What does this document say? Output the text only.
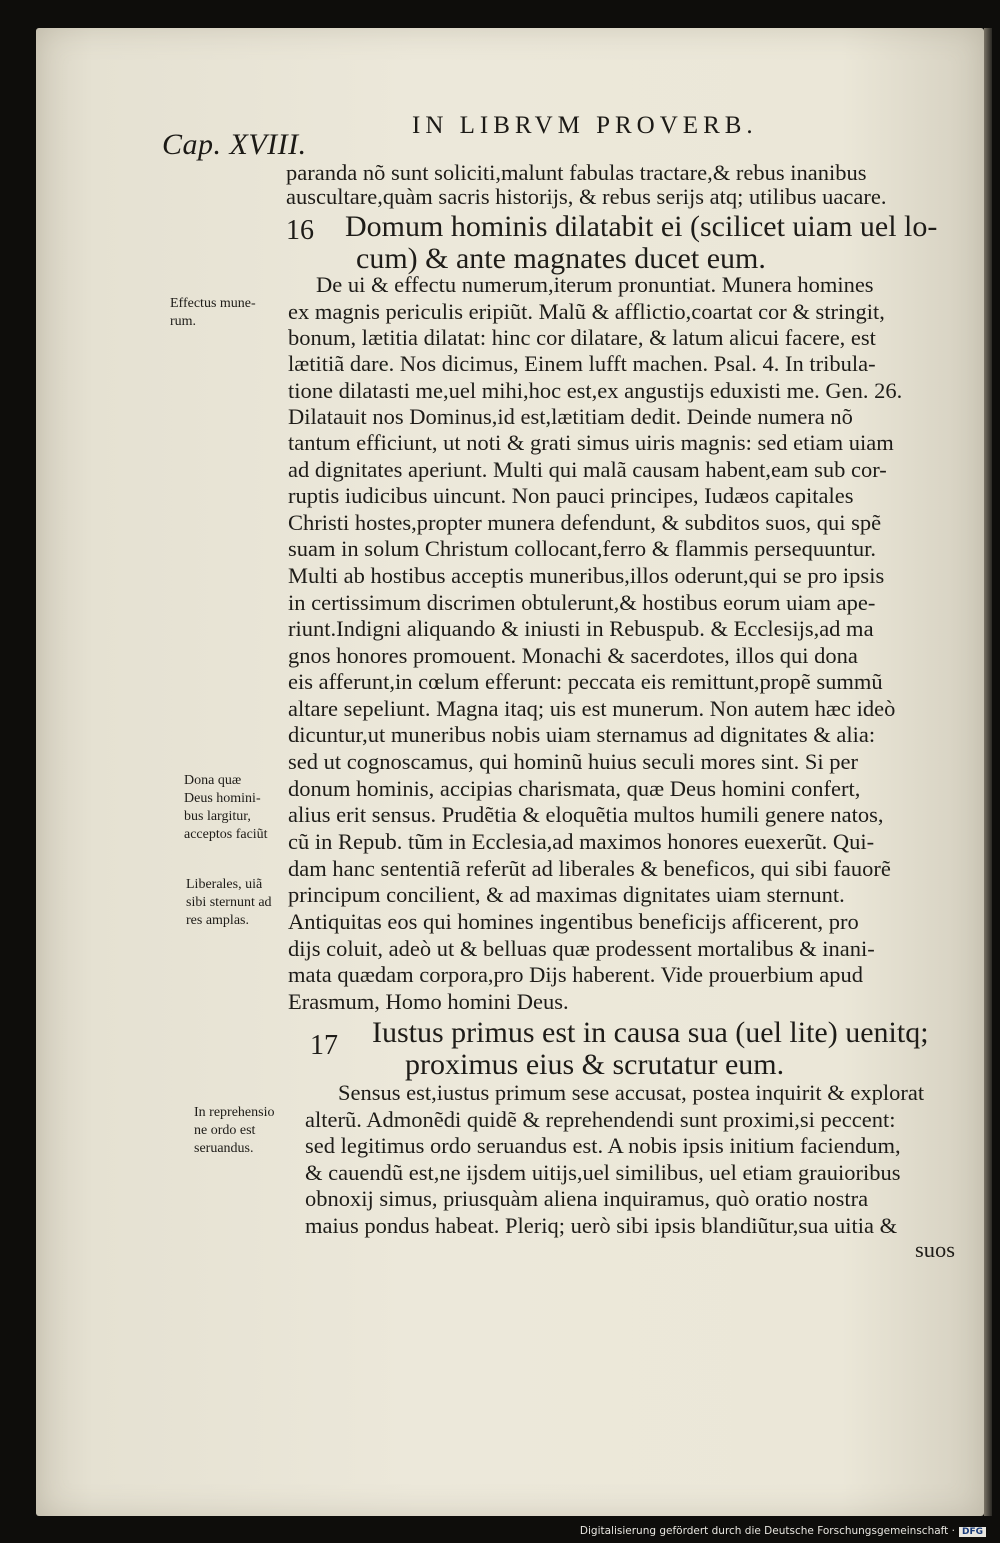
Cap. XVIII.
IN LIBRVM PROVERB.
paranda nõ sunt soliciti,malunt fabulas tractare,& rebus inanibus
auscultare,quàm sacris historijs, & rebus serijs atq; utilibus uacare.
16 Domum hominis dilatabit ei (scilicet uiam uel lo-
cum) & ante magnates ducet eum.
De ui & effectu numerum,iterum pronuntiat. Munera homines
ex magnis periculis eripiũt. Malũ & afflictio,coartat cor & stringit,
bonum, lætitia dilatat: hinc cor dilatare, & latum alicui facere, est
lætitiã dare. Nos dicimus, Einem lufft machen. Psal. 4. In tribula-
tione dilatasti me,uel mihi,hoc est,ex angustijs eduxisti me. Gen. 26.
Dilatauit nos Dominus,id est,lætitiam dedit. Deinde numera nõ
tantum efficiunt, ut noti & grati simus uiris magnis: sed etiam uiam
ad dignitates aperiunt. Multi qui malã causam habent,eam sub cor-
ruptis iudicibus uincunt. Non pauci principes, Iudæos capitales
Christi hostes,propter munera defendunt, & subditos suos, qui spẽ
suam in solum Christum collocant,ferro & flammis persequuntur.
Multi ab hostibus acceptis muneribus,illos oderunt,qui se pro ipsis
in certissimum discrimen obtulerunt,& hostibus eorum uiam ape-
riunt.Indigni aliquando & iniusti in Rebuspub. & Ecclesijs,ad ma
gnos honores promouent. Monachi & sacerdotes, illos qui dona
eis afferunt,in cœlum efferunt: peccata eis remittunt,propẽ summũ
altare sepeliunt. Magna itaq; uis est munerum. Non autem hæc ideò
dicuntur,ut muneribus nobis uiam sternamus ad dignitates & alia:
sed ut cognoscamus, qui hominũ huius seculi mores sint. Si per
donum hominis, accipias charismata, quæ Deus homini confert,
alius erit sensus. Prudẽtia & eloquẽtia multos humili genere natos,
cũ in Repub. tũm in Ecclesia,ad maximos honores euexerũt. Qui-
dam hanc sententiã referũt ad liberales & beneficos, qui sibi fauorẽ
principum concilient, & ad maximas dignitates uiam sternunt.
Antiquitas eos qui homines ingentibus beneficijs afficerent, pro
dijs coluit, adeò ut & belluas quæ prodessent mortalibus & inani-
mata quædam corpora,pro Dijs haberent. Vide prouerbium apud
Erasmum, Homo homini Deus.
17 Iustus primus est in causa sua (uel lite) uenitq;
proximus eius & scrutatur eum.
Sensus est,iustus primum sese accusat, postea inquirit & explorat
alterũ. Admonẽdi quidẽ & reprehendendi sunt proximi,si peccent:
sed legitimus ordo seruandus est. A nobis ipsis initium faciendum,
& cauendũ est,ne ijsdem uitijs,uel similibus, uel etiam grauioribus
obnoxij simus, priusquàm aliena inquiramus, quò oratio nostra
maius pondus habeat. Pleriq; uerò sibi ipsis blandiũtur,sua uitia &
suos
Effectus mune-
rum.
Dona quæ
Deus homini-
bus largitur,
acceptos faciũt
Liberales, uiã
sibi sternunt ad
res amplas.
In reprehensio
ne ordo est
seruandus.
Digitalisierung gefördert durch die Deutsche Forschungsgemeinschaft · DFG
